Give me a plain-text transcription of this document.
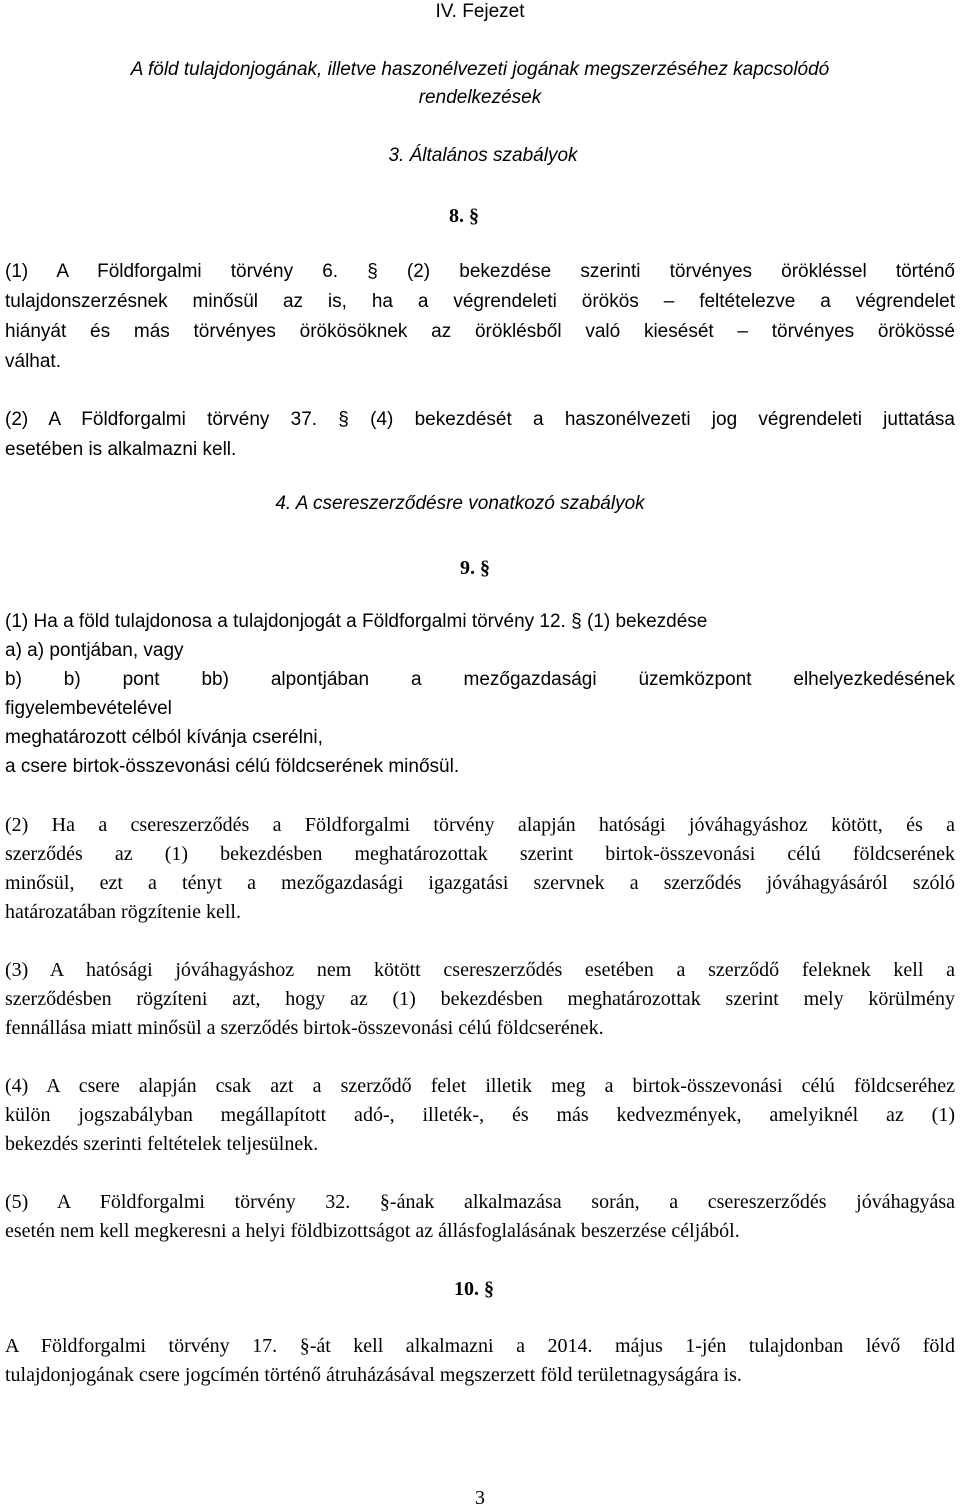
IV. Fejezet
A föld tulajdonjogának, illetve haszonélvezeti jogának megszerzéséhez kapcsolódó
rendelkezések
3. Általános szabályok
8. §
(1) A Földforgalmi törvény 6. § (2) bekezdése szerinti törvényes örökléssel történő
tulajdonszerzésnek minősül az is, ha a végrendeleti örökös – feltételezve a végrendelet
hiányát és más törvényes örökösöknek az öröklésből való kiesését – törvényes örökössé
válhat.
(2) A Földforgalmi törvény 37. § (4) bekezdését a haszonélvezeti jog végrendeleti juttatása
esetében is alkalmazni kell.
4. A csereszerződésre vonatkozó szabályok
9. §
(1) Ha a föld tulajdonosa a tulajdonjogát a Földforgalmi törvény 12. § (1) bekezdése
a) a) pontjában, vagy
b) b) pont bb) alpontjában a mezőgazdasági üzemközpont elhelyezkedésének
figyelembevételével
meghatározott célból kívánja cserélni,
a csere birtok-összevonási célú földcserének minősül.
(2) Ha a csereszerződés a Földforgalmi törvény alapján hatósági jóváhagyáshoz kötött, és a
szerződés az (1) bekezdésben meghatározottak szerint birtok-összevonási célú földcserének
minősül, ezt a tényt a mezőgazdasági igazgatási szervnek a szerződés jóváhagyásáról szóló
határozatában rögzítenie kell.
(3) A hatósági jóváhagyáshoz nem kötött csereszerződés esetében a szerződő feleknek kell a
szerződésben rögzíteni azt, hogy az (1) bekezdésben meghatározottak szerint mely körülmény
fennállása miatt minősül a szerződés birtok-összevonási célú földcserének.
(4) A csere alapján csak azt a szerződő felet illetik meg a birtok-összevonási célú földcseréhez
külön jogszabályban megállapított adó-, illeték-, és más kedvezmények, amelyiknél az (1)
bekezdés szerinti feltételek teljesülnek.
(5) A Földforgalmi törvény 32. §-ának alkalmazása során, a csereszerződés jóváhagyása
esetén nem kell megkeresni a helyi földbizottságot az állásfoglalásának beszerzése céljából.
10. §
A Földforgalmi törvény 17. §-át kell alkalmazni a 2014. május 1-jén tulajdonban lévő föld
tulajdonjogának csere jogcímén történő átruházásával megszerzett föld területnagyságára is.
3
